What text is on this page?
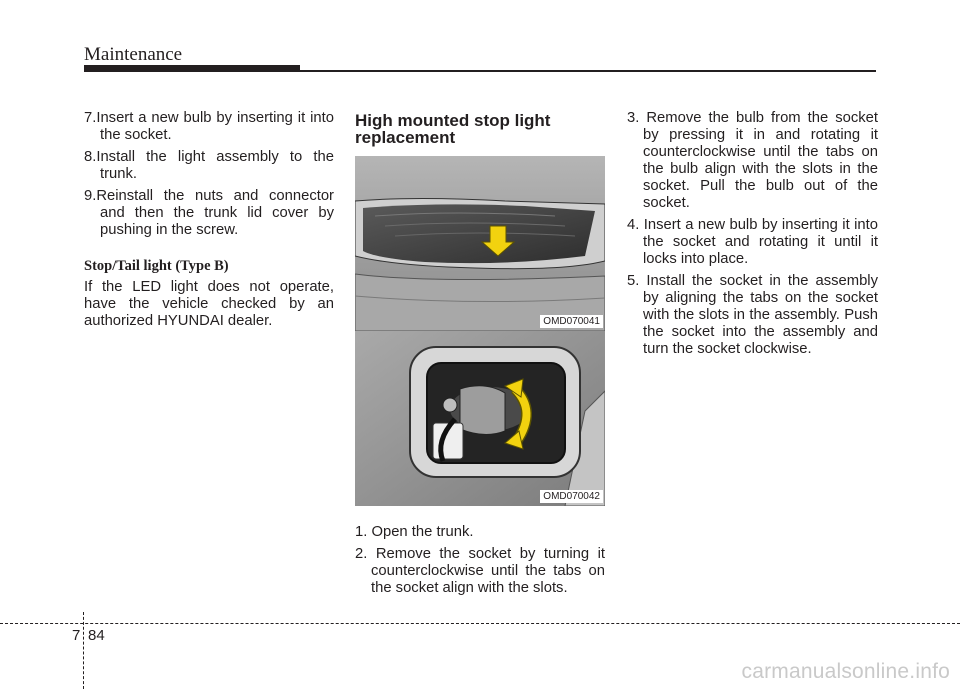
Maintenance

7.Insert a new bulb by inserting it into the socket.

8.Install the light assembly to the trunk.

9.Reinstall the nuts and connector and then the trunk lid cover by pushing in the screw.

Stop/Tail light (Type B)

If the LED light does not operate, have the vehicle checked by an authorized HYUNDAI dealer.

High mounted stop light replacement

OMD070041
OMD070042

1. Open the trunk.

2. Remove the socket by turning it counterclockwise until the tabs on the socket align with the slots.

3. Remove the bulb from the socket by pressing it in and rotating it counterclockwise until the tabs on the bulb align with the slots in the socket. Pull the bulb out of the socket.

4. Insert a new bulb by inserting it into the socket and rotating it until it locks into place.

5. Install the socket in the assembly by aligning the tabs on the socket with the slots in the assembly. Push the socket into the assembly and turn the socket clockwise.

7 84
carmanualsonline.info
